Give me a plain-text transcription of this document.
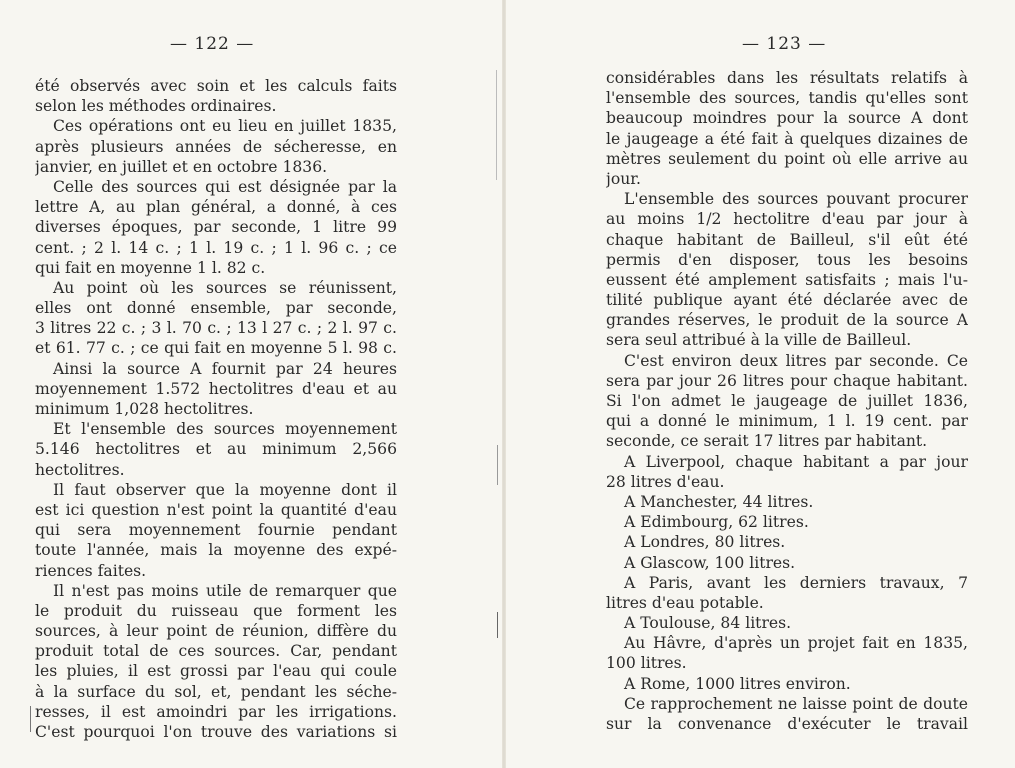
— 122 —
été observés avec soin et les calculs faits
selon les méthodes ordinaires.
Ces opérations ont eu lieu en juillet 1835,
après plusieurs années de sécheresse, en
janvier, en juillet et en octobre 1836.
Celle des sources qui est désignée par la
lettre A, au plan général, a donné, à ces
diverses époques, par seconde, 1 litre 99
cent. ; 2 l. 14 c. ; 1 l. 19 c. ; 1 l. 96 c. ; ce
qui fait en moyenne 1 l. 82 c.
Au point où les sources se réunissent,
elles ont donné ensemble, par seconde,
3 litres 22 c. ; 3 l. 70 c. ; 13 l 27 c. ; 2 l. 97 c.
et 61. 77 c. ; ce qui fait en moyenne 5 l. 98 c.
Ainsi la source A fournit par 24 heures
moyennement 1.572 hectolitres d'eau et au
minimum 1,028 hectolitres.
Et l'ensemble des sources moyennement
5.146 hectolitres et au minimum 2,566
hectolitres.
Il faut observer que la moyenne dont il
est ici question n'est point la quantité d'eau
qui sera moyennement fournie pendant
toute l'année, mais la moyenne des expé-
riences faites.
Il n'est pas moins utile de remarquer que
le produit du ruisseau que forment les
sources, à leur point de réunion, diffère du
produit total de ces sources. Car, pendant
les pluies, il est grossi par l'eau qui coule
à la surface du sol, et, pendant les séche-
resses, il est amoindri par les irrigations.
C'est pourquoi l'on trouve des variations si
— 123 —
considérables dans les résultats relatifs à
l'ensemble des sources, tandis qu'elles sont
beaucoup moindres pour la source A dont
le jaugeage a été fait à quelques dizaines de
mètres seulement du point où elle arrive au
jour.
L'ensemble des sources pouvant procurer
au moins 1/2 hectolitre d'eau par jour à
chaque habitant de Bailleul, s'il eût été
permis d'en disposer, tous les besoins
eussent été amplement satisfaits ; mais l'u-
tilité publique ayant été déclarée avec de
grandes réserves, le produit de la source A
sera seul attribué à la ville de Bailleul.
C'est environ deux litres par seconde. Ce
sera par jour 26 litres pour chaque habitant.
Si l'on admet le jaugeage de juillet 1836,
qui a donné le minimum, 1 l. 19 cent. par
seconde, ce serait 17 litres par habitant.
A Liverpool, chaque habitant a par jour
28 litres d'eau.
A Manchester, 44 litres.
A Edimbourg, 62 litres.
A Londres, 80 litres.
A Glascow, 100 litres.
A Paris, avant les derniers travaux, 7
litres d'eau potable.
A Toulouse, 84 litres.
Au Hâvre, d'après un projet fait en 1835,
100 litres.
A Rome, 1000 litres environ.
Ce rapprochement ne laisse point de doute
sur la convenance d'exécuter le travail
